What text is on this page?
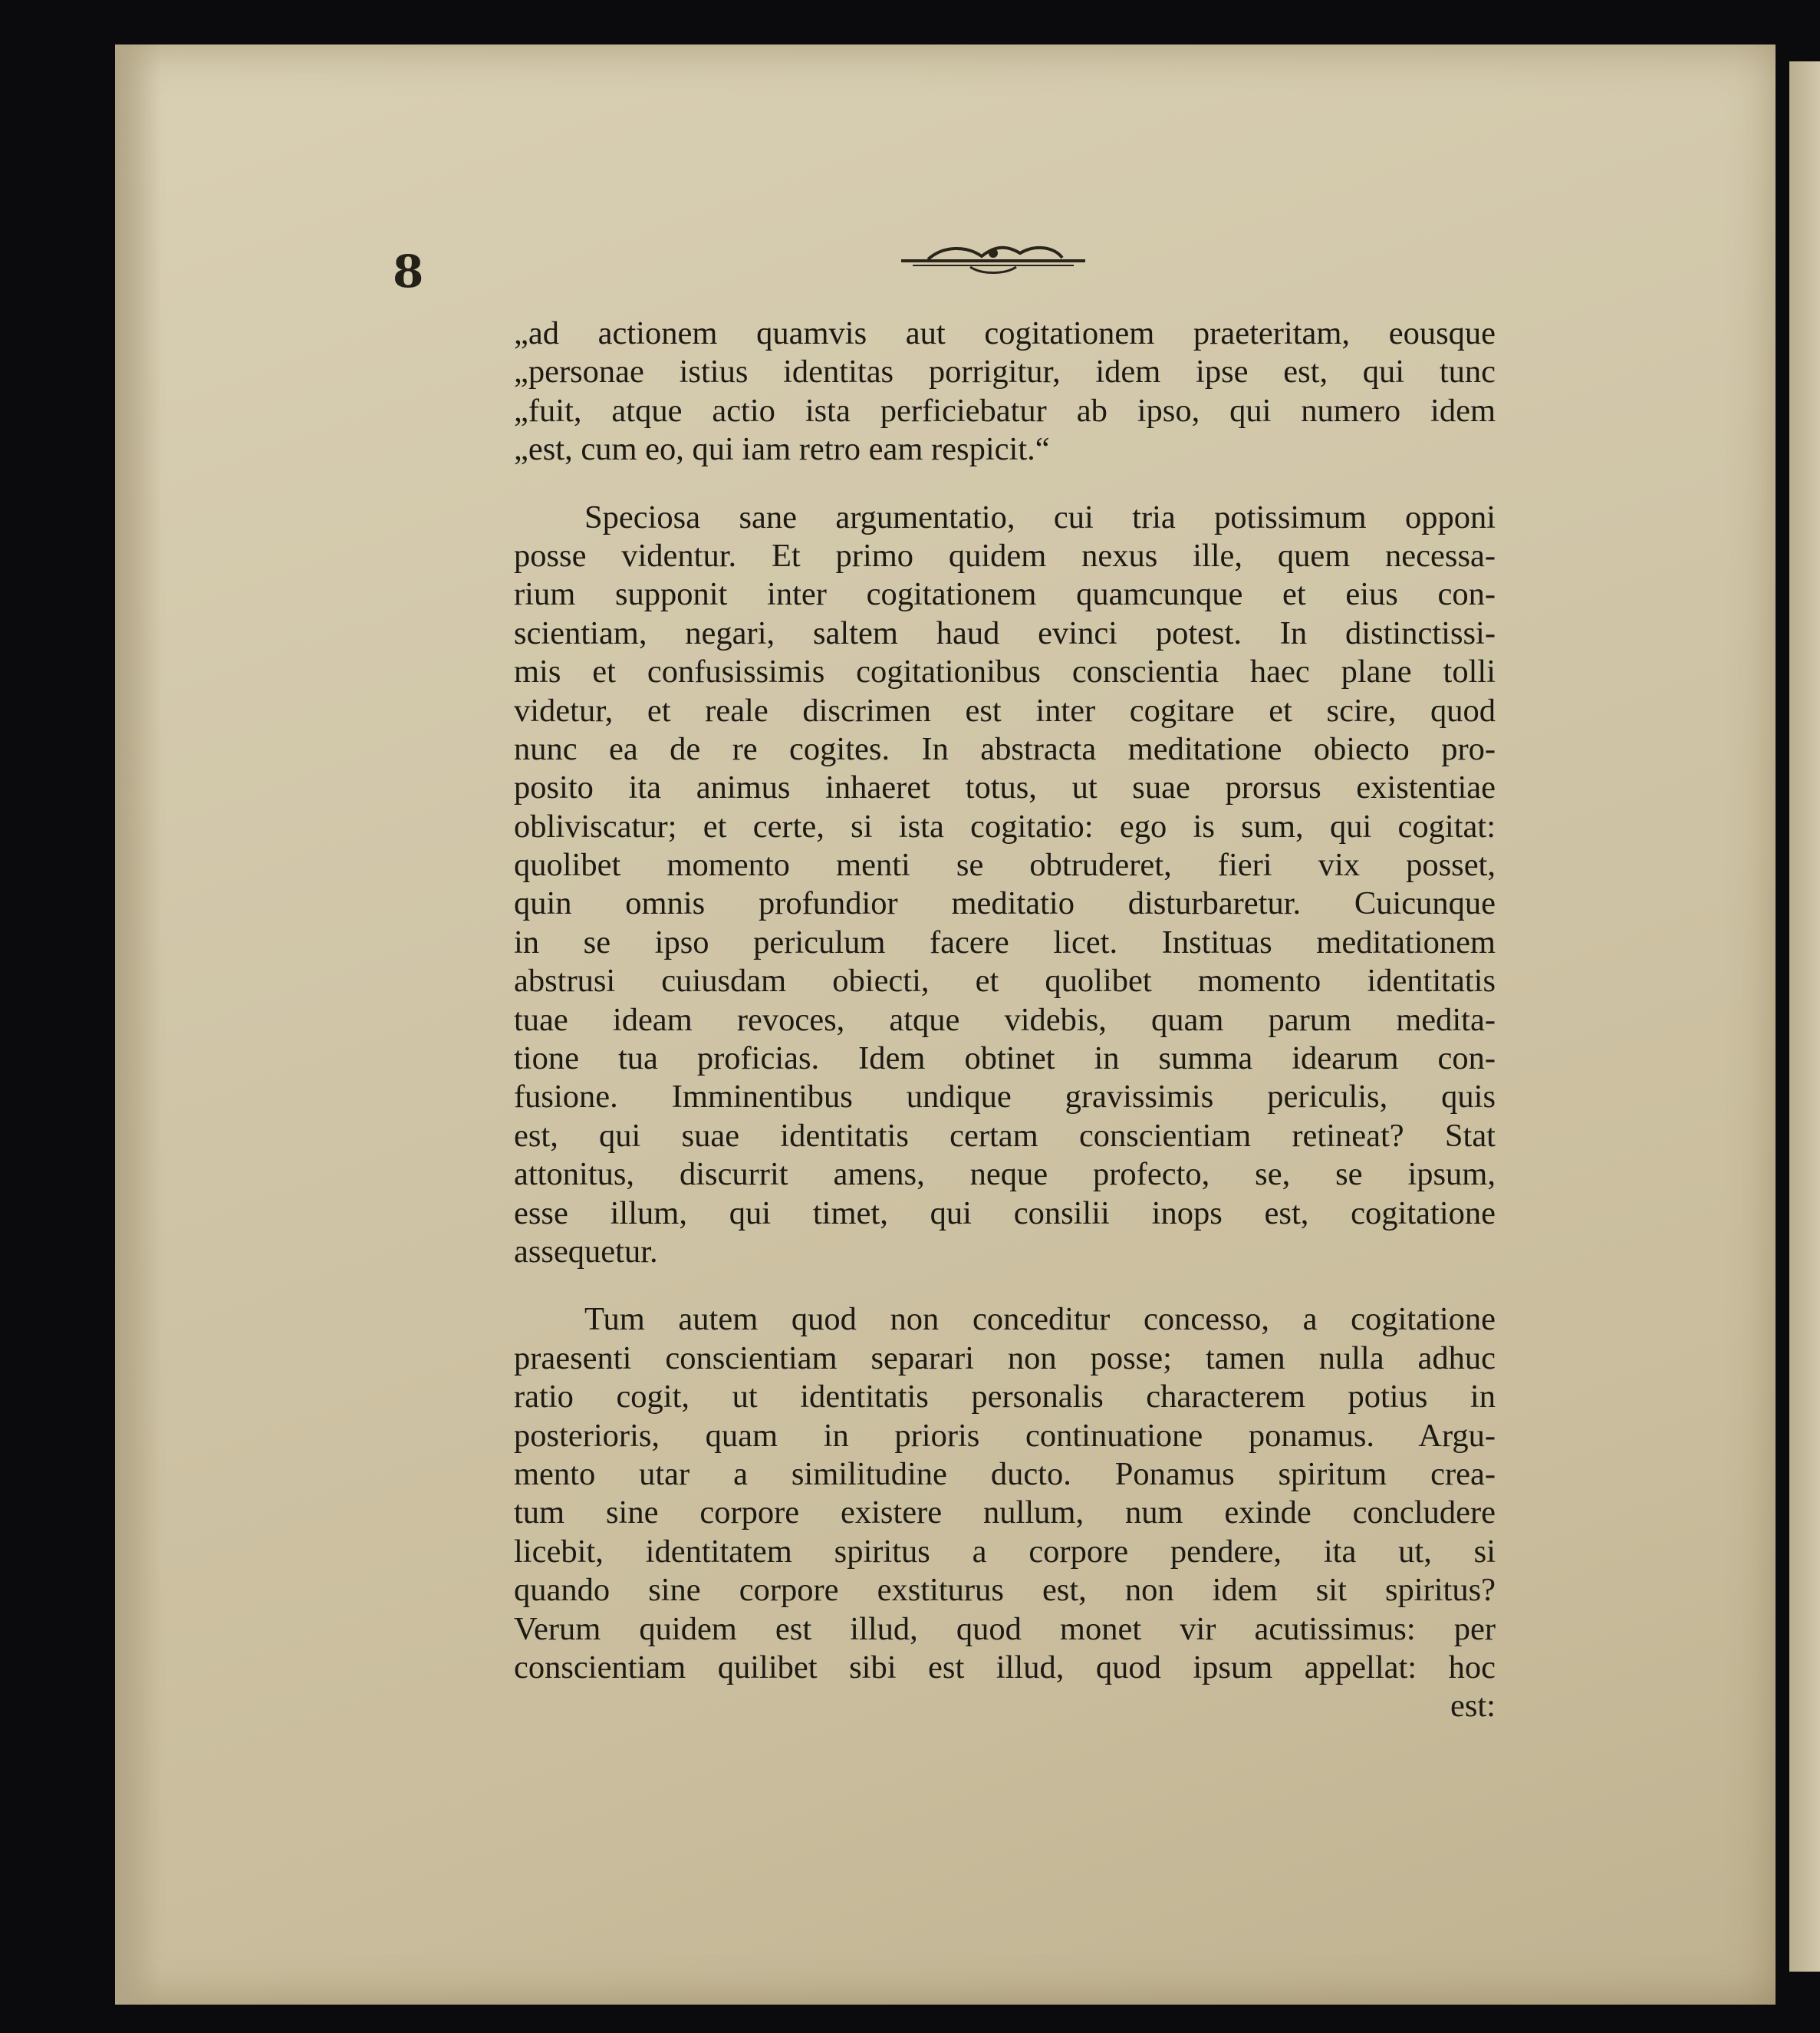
8
„ad actionem quamvis aut cogitationem praeteritam, eousque
„personae istius identitas porrigitur, idem ipse est, qui tunc
„fuit, atque actio ista perficiebatur ab ipso, qui numero idem
„est, cum eo, qui iam retro eam respicit.“
Speciosa sane argumentatio, cui tria potissimum opponi
posse videntur. Et primo quidem nexus ille, quem necessa-
rium supponit inter cogitationem quamcunque et eius con-
scientiam, negari, saltem haud evinci potest. In distinctissi-
mis et confusissimis cogitationibus conscientia haec plane tolli
videtur, et reale discrimen est inter cogitare et scire, quod
nunc ea de re cogites. In abstracta meditatione obiecto pro-
posito ita animus inhaeret totus, ut suae prorsus existentiae
obliviscatur; et certe, si ista cogitatio: ego is sum, qui cogitat:
quolibet momento menti se obtruderet, fieri vix posset,
quin omnis profundior meditatio disturbaretur. Cuicunque
in se ipso periculum facere licet. Instituas meditationem
abstrusi cuiusdam obiecti, et quolibet momento identitatis
tuae ideam revoces, atque videbis, quam parum medita-
tione tua proficias. Idem obtinet in summa idearum con-
fusione. Imminentibus undique gravissimis periculis, quis
est, qui suae identitatis certam conscientiam retineat? Stat
attonitus, discurrit amens, neque profecto, se, se ipsum,
esse illum, qui timet, qui consilii inops est, cogitatione
assequetur.
Tum autem quod non conceditur concesso, a cogitatione
praesenti conscientiam separari non posse; tamen nulla adhuc
ratio cogit, ut identitatis personalis characterem potius in
posterioris, quam in prioris continuatione ponamus. Argu-
mento utar a similitudine ducto. Ponamus spiritum crea-
tum sine corpore existere nullum, num exinde concludere
licebit, identitatem spiritus a corpore pendere, ita ut, si
quando sine corpore exstiturus est, non idem sit spiritus?
Verum quidem est illud, quod monet vir acutissimus: per
conscientiam quilibet sibi est illud, quod ipsum appellat: hoc
est:
